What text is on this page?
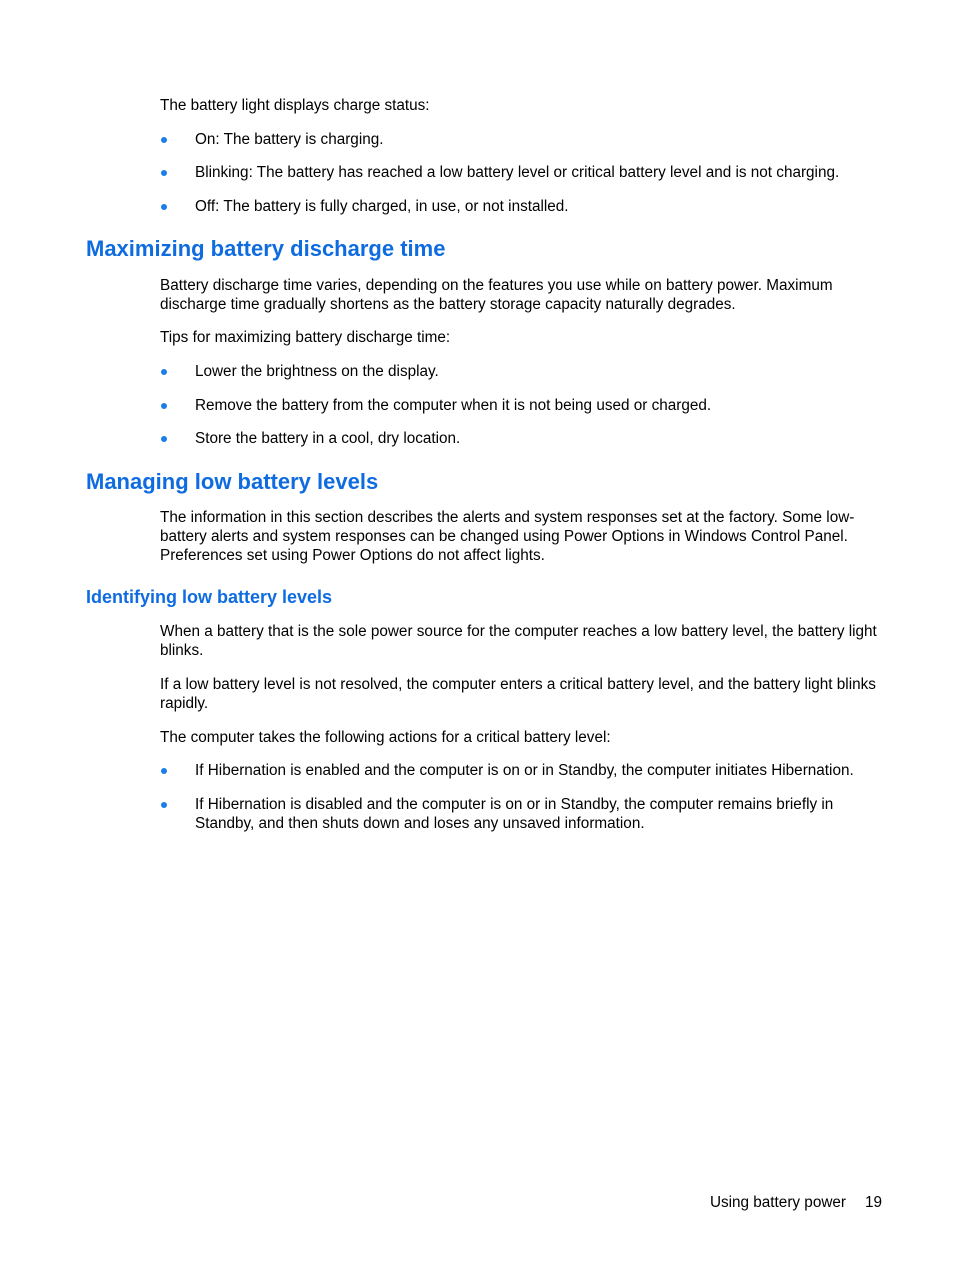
The battery light displays charge status:

On: The battery is charging.
Blinking: The battery has reached a low battery level or critical battery level and is not charging.
Off: The battery is fully charged, in use, or not installed.
Maximizing battery discharge time

Battery discharge time varies, depending on the features you use while on battery power. Maximum discharge time gradually shortens as the battery storage capacity naturally degrades.

Tips for maximizing battery discharge time:

Lower the brightness on the display.
Remove the battery from the computer when it is not being used or charged.
Store the battery in a cool, dry location.
Managing low battery levels

The information in this section describes the alerts and system responses set at the factory. Some low-battery alerts and system responses can be changed using Power Options in Windows Control Panel. Preferences set using Power Options do not affect lights.

Identifying low battery levels

When a battery that is the sole power source for the computer reaches a low battery level, the battery light blinks.

If a low battery level is not resolved, the computer enters a critical battery level, and the battery light blinks rapidly.

The computer takes the following actions for a critical battery level:

If Hibernation is enabled and the computer is on or in Standby, the computer initiates Hibernation.
If Hibernation is disabled and the computer is on or in Standby, the computer remains briefly in Standby, and then shuts down and loses any unsaved information.
Using battery power 19
